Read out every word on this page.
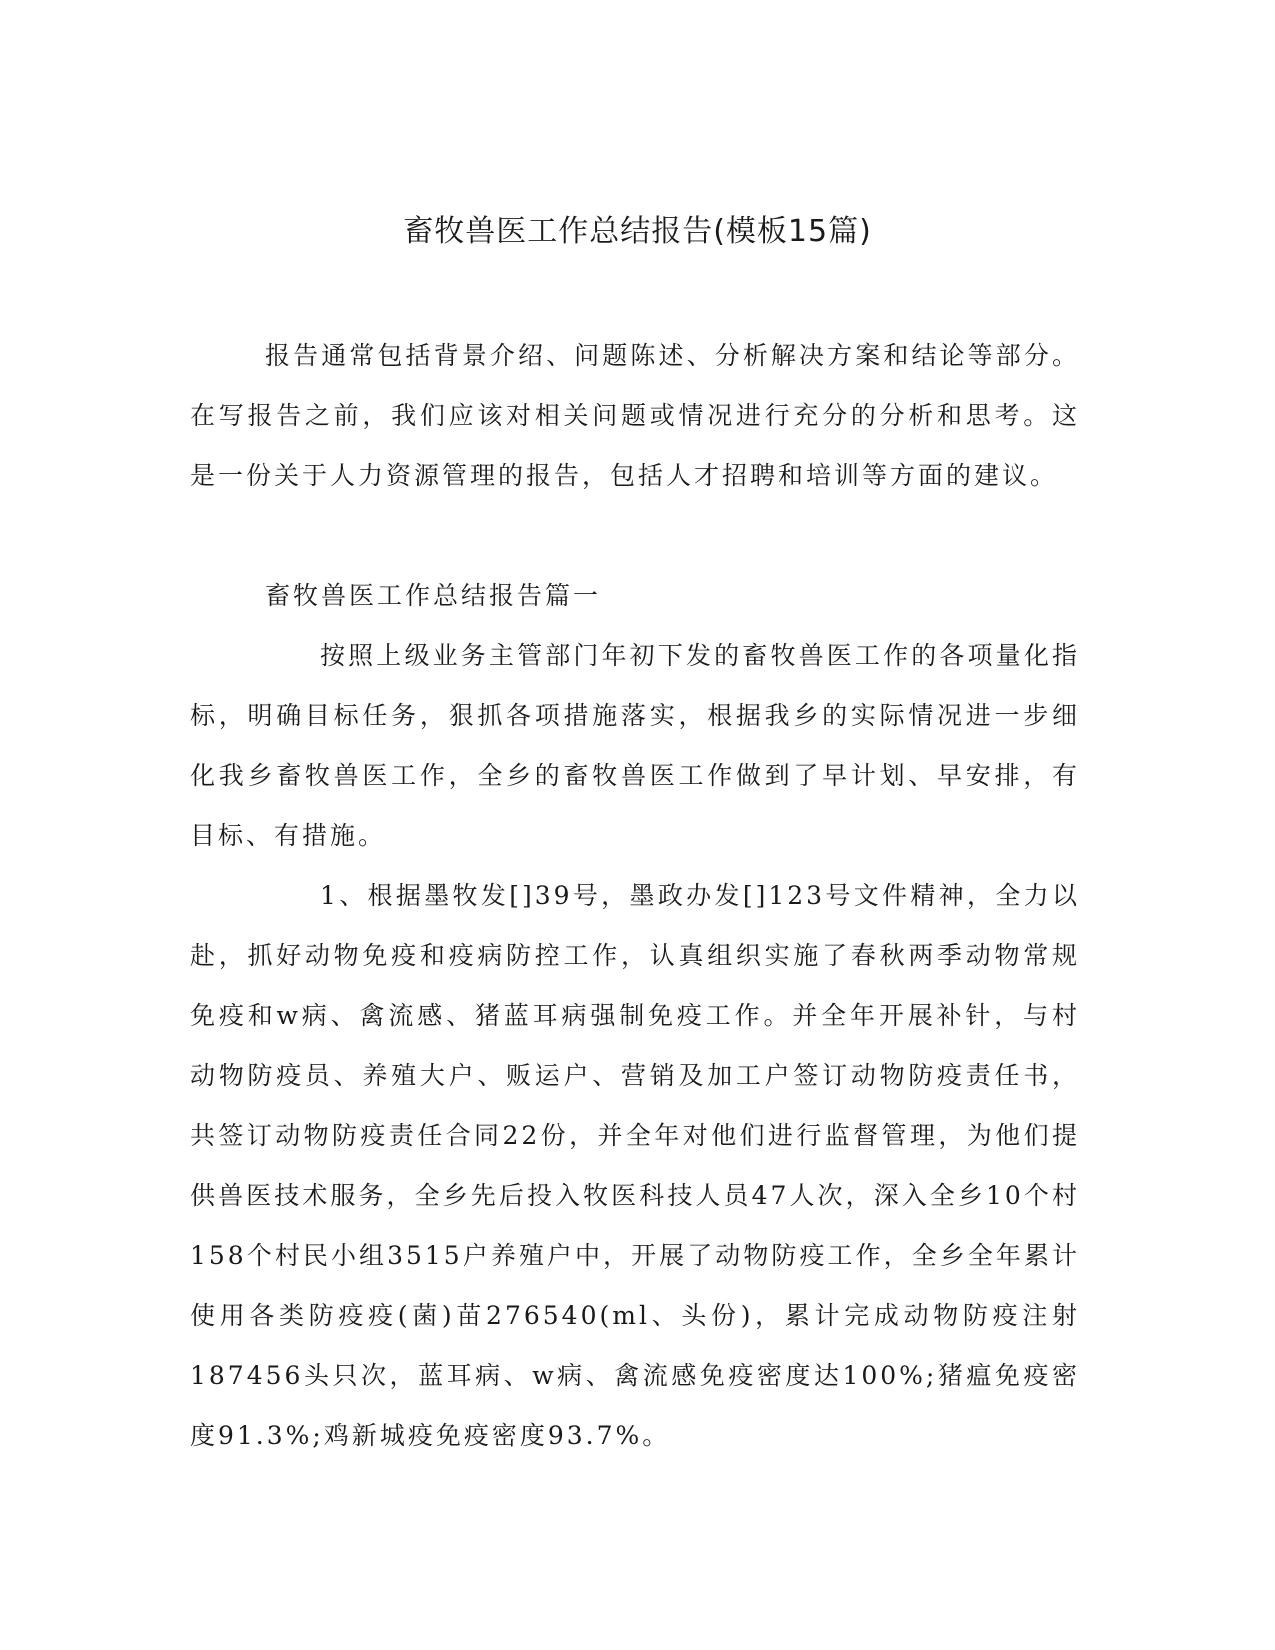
畜牧兽医工作总结报告(模板15篇)

报告通常包括背景介绍、问题陈述、分析解决方案和结论等部分。在写报告之前，我们应该对相关问题或情况进行充分的分析和思考。这是一份关于人力资源管理的报告，包括人才招聘和培训等方面的建议。

畜牧兽医工作总结报告篇一

按照上级业务主管部门年初下发的畜牧兽医工作的各项量化指标，明确目标任务，狠抓各项措施落实，根据我乡的实际情况进一步细化我乡畜牧兽医工作，全乡的畜牧兽医工作做到了早计划、早安排，有目标、有措施。

1、根据墨牧发[]39号，墨政办发[]123号文件精神，全力以赴，抓好动物免疫和疫病防控工作，认真组织实施了春秋两季动物常规免疫和w病、禽流感、猪蓝耳病强制免疫工作。并全年开展补针，与村动物防疫员、养殖大户、贩运户、营销及加工户签订动物防疫责任书，共签订动物防疫责任合同22份，并全年对他们进行监督管理，为他们提供兽医技术服务，全乡先后投入牧医科技人员47人次，深入全乡10个村158个村民小组3515户养殖户中，开展了动物防疫工作，全乡全年累计使用各类防疫疫(菌)苗276540(ml、头份)，累计完成动物防疫注射187456头只次，蓝耳病、w病、禽流感免疫密度达100%;猪瘟免疫密度91.3%;鸡新城疫免疫密度93.7%。
